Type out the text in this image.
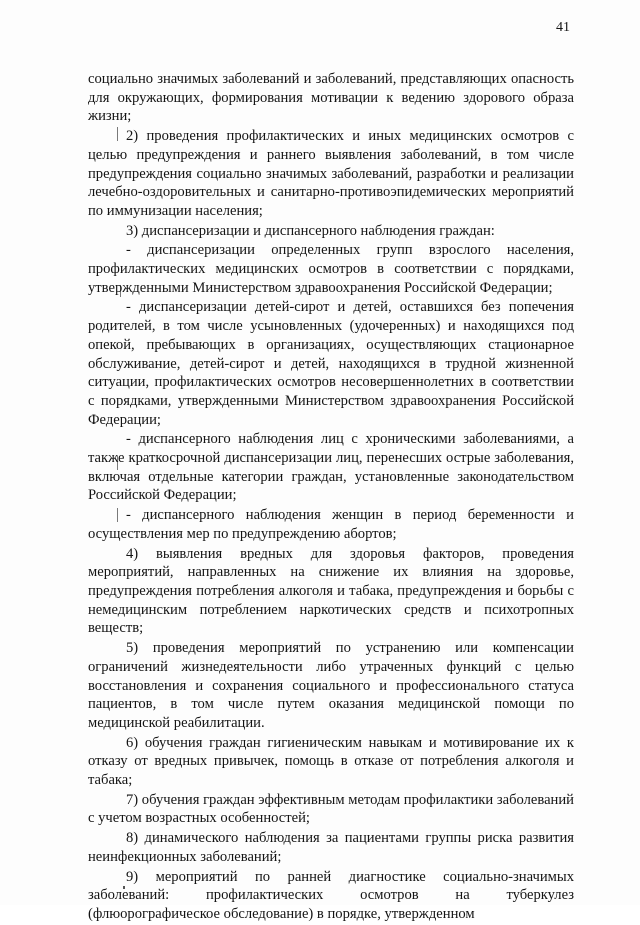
41

социально значимых заболеваний и заболеваний, представляющих опасность для окружающих, формирования мотивации к ведению здорового образа жизни;

2) проведения профилактических и иных медицинских осмотров с целью предупреждения и раннего выявления заболеваний, в том числе предупреждения социально значимых заболеваний, разработки и реализации лечебно-оздоровительных и санитарно-противоэпидемических мероприятий по иммунизации населения;

3) диспансеризации и диспансерного наблюдения граждан:

- диспансеризации определенных групп взрослого населения, профилактических медицинских осмотров в соответствии с порядками, утвержденными Министерством здравоохранения Российской Федерации;

- диспансеризации детей-сирот и детей, оставшихся без попечения родителей, в том числе усыновленных (удочеренных) и находящихся под опекой, пребывающих в организациях, осуществляющих стационарное обслуживание, детей-сирот и детей, находящихся в трудной жизненной ситуации, профилактических осмотров несовершеннолетних в соответствии с порядками, утвержденными Министерством здравоохранения Российской Федерации;

- диспансерного наблюдения лиц с хроническими заболеваниями, а также краткосрочной диспансеризации лиц, перенесших острые заболевания, включая отдельные категории граждан, установленные законодательством Российской Федерации;

- диспансерного наблюдения женщин в период беременности и осуществления мер по предупреждению абортов;

4) выявления вредных для здоровья факторов, проведения мероприятий, направленных на снижение их влияния на здоровье, предупреждения потребления алкоголя и табака, предупреждения и борьбы с немедицинским потреблением наркотических средств и психотропных веществ;

5) проведения мероприятий по устранению или компенсации ограничений жизнедеятельности либо утраченных функций с целью восстановления и сохранения социального и профессионального статуса пациентов, в том числе путем оказания медицинской помощи по медицинской реабилитации.

6) обучения граждан гигиеническим навыкам и мотивирование их к отказу от вредных привычек, помощь в отказе от потребления алкоголя и табака;

7) обучения граждан эффективным методам профилактики заболеваний с учетом возрастных особенностей;

8) динамического наблюдения за пациентами группы риска развития неинфекционных заболеваний;

9) мероприятий по ранней диагностике социально-значимых заболеваний: профилактических осмотров на туберкулез (флюорографическое обследование) в порядке, утвержденном
